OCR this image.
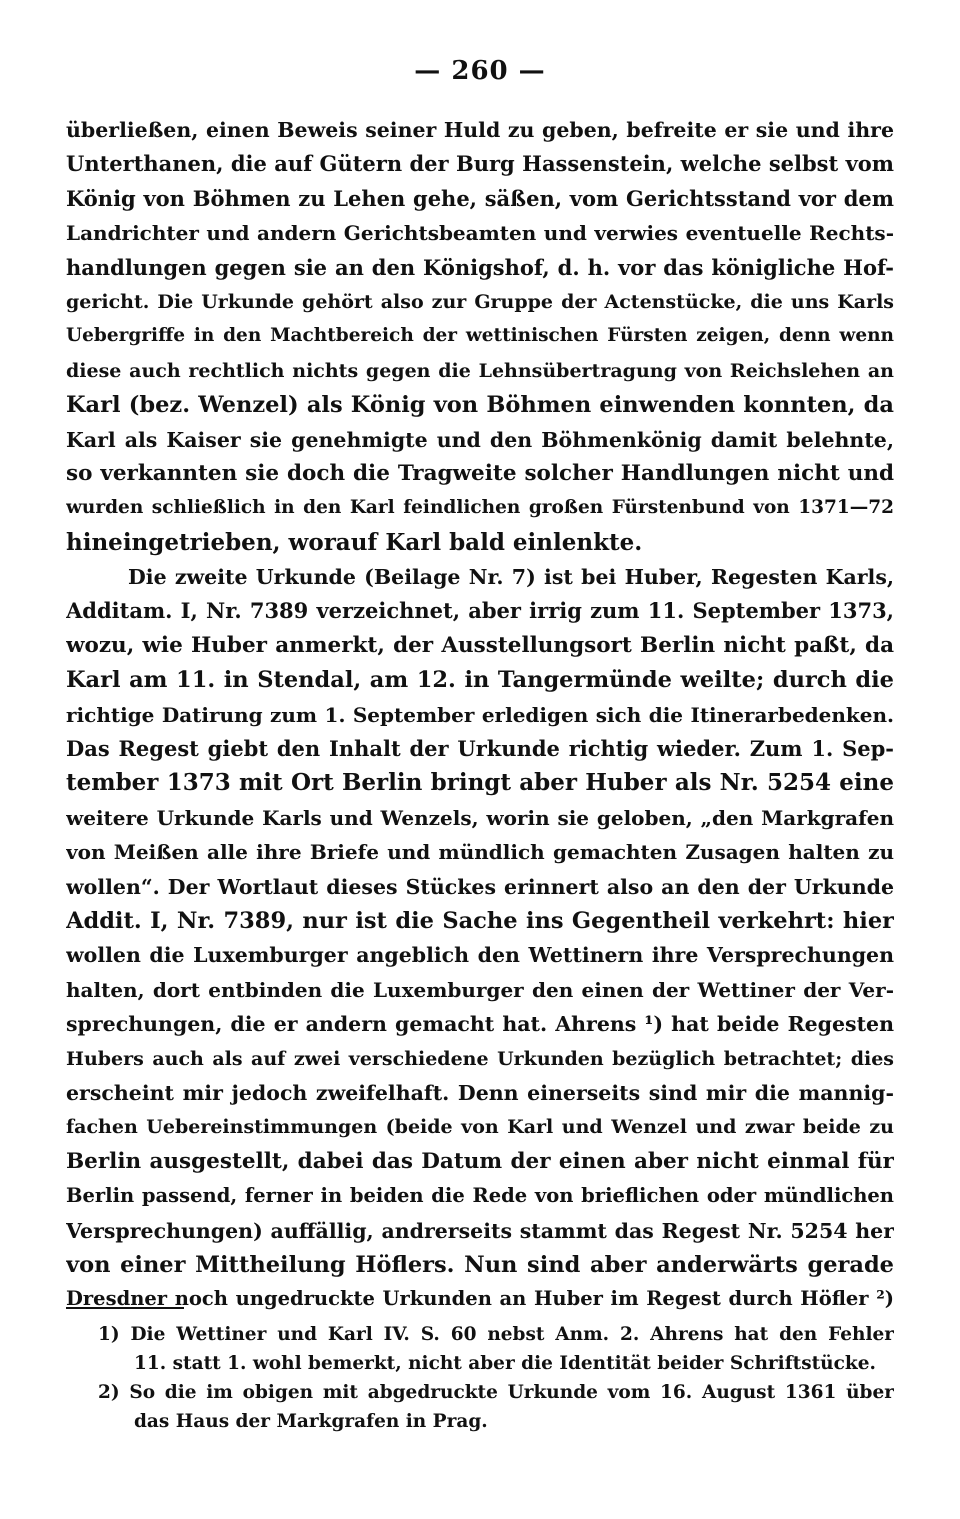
— 260 —
überließen, einen Beweis seiner Huld zu geben, befreite er sie und ihre
Unterthanen, die auf Gütern der Burg Hassenstein, welche selbst vom
König von Böhmen zu Lehen gehe, säßen, vom Gerichtsstand vor dem
Landrichter und andern Gerichtsbeamten und verwies eventuelle Rechts-
handlungen gegen sie an den Königshof, d. h. vor das königliche Hof-
gericht. Die Urkunde gehört also zur Gruppe der Actenstücke, die uns Karls
Uebergriffe in den Machtbereich der wettinischen Fürsten zeigen, denn wenn
diese auch rechtlich nichts gegen die Lehnsübertragung von Reichslehen an
Karl (bez. Wenzel) als König von Böhmen einwenden konnten, da
Karl als Kaiser sie genehmigte und den Böhmenkönig damit belehnte,
so verkannten sie doch die Tragweite solcher Handlungen nicht und
wurden schließlich in den Karl feindlichen großen Fürstenbund von 1371—72
hineingetrieben, worauf Karl bald einlenkte.
Die zweite Urkunde (Beilage Nr. 7) ist bei Huber, Regesten Karls,
Additam. I, Nr. 7389 verzeichnet, aber irrig zum 11. September 1373,
wozu, wie Huber anmerkt, der Ausstellungsort Berlin nicht paßt, da
Karl am 11. in Stendal, am 12. in Tangermünde weilte; durch die
richtige Datirung zum 1. September erledigen sich die Itinerarbedenken.
Das Regest giebt den Inhalt der Urkunde richtig wieder. Zum 1. Sep-
tember 1373 mit Ort Berlin bringt aber Huber als Nr. 5254 eine
weitere Urkunde Karls und Wenzels, worin sie geloben, „den Markgrafen
von Meißen alle ihre Briefe und mündlich gemachten Zusagen halten zu
wollen“. Der Wortlaut dieses Stückes erinnert also an den der Urkunde
Addit. I, Nr. 7389, nur ist die Sache ins Gegentheil verkehrt: hier
wollen die Luxemburger angeblich den Wettinern ihre Versprechungen
halten, dort entbinden die Luxemburger den einen der Wettiner der Ver-
sprechungen, die er andern gemacht hat. Ahrens ¹) hat beide Regesten
Hubers auch als auf zwei verschiedene Urkunden bezüglich betrachtet; dies
erscheint mir jedoch zweifelhaft. Denn einerseits sind mir die mannig-
fachen Uebereinstimmungen (beide von Karl und Wenzel und zwar beide zu
Berlin ausgestellt, dabei das Datum der einen aber nicht einmal für
Berlin passend, ferner in beiden die Rede von brieflichen oder mündlichen
Versprechungen) auffällig, andrerseits stammt das Regest Nr. 5254 her
von einer Mittheilung Höflers. Nun sind aber anderwärts gerade
Dresdner noch ungedruckte Urkunden an Huber im Regest durch Höfler ²)
1) Die Wettiner und Karl IV. S. 60 nebst Anm. 2. Ahrens hat den Fehler
11. statt 1. wohl bemerkt, nicht aber die Identität beider Schriftstücke.
2) So die im obigen mit abgedruckte Urkunde vom 16. August 1361 über
das Haus der Markgrafen in Prag.
